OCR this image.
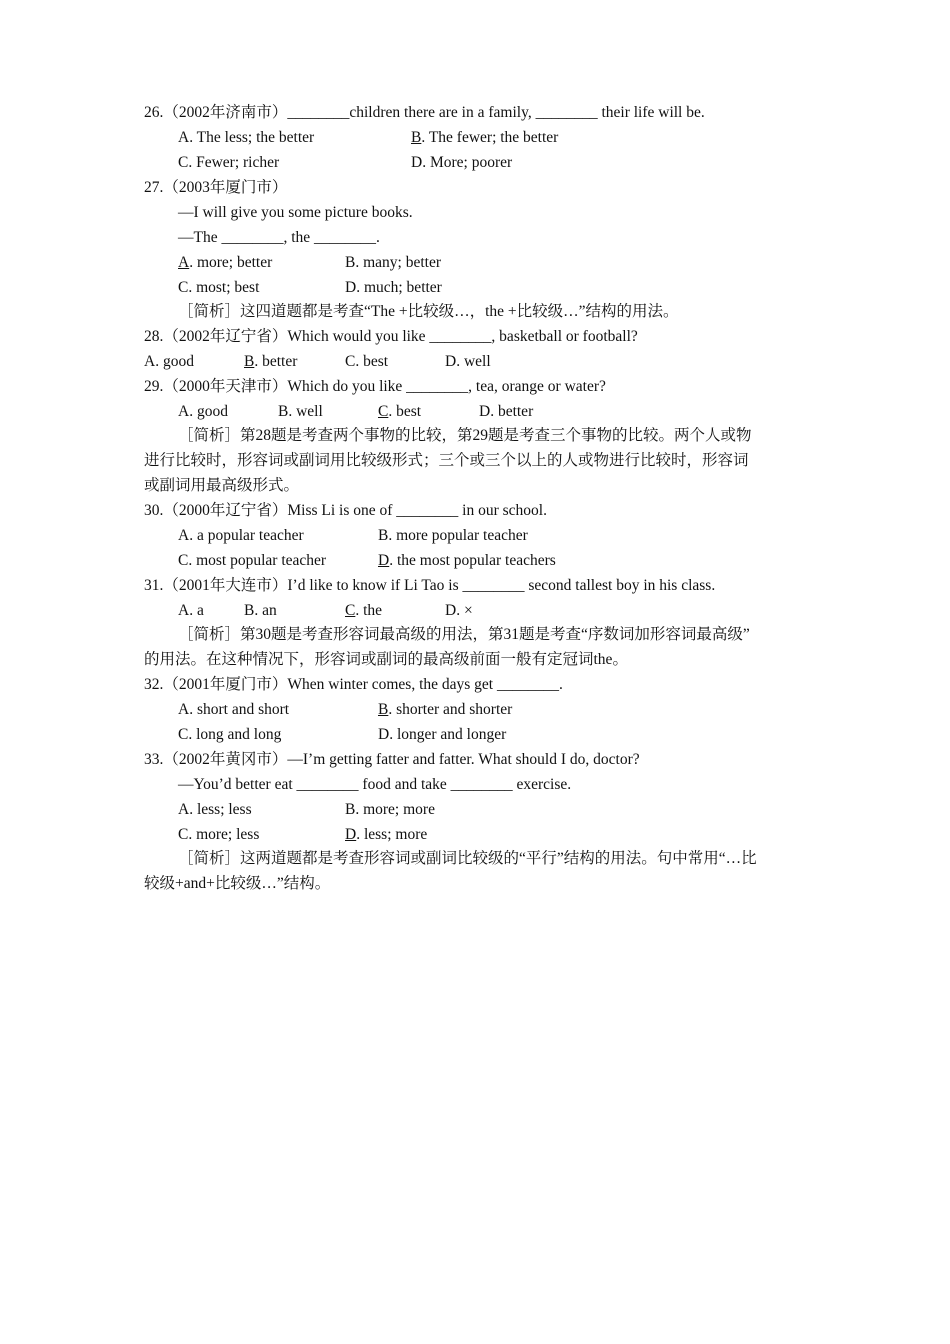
26.（2002年济南市）________children there are in a family, ________ their life will be.
A. The less; the better	B. The fewer; the better
C. Fewer; richer	D. More; poorer
27.（2003年厦门市）
—I will give you some picture books.
—The ________, the ________.
A. more; better	B. many; better
C. most; best	D. much; better
［简析］这四道题都是考查“The +比较级…，the +比较级…”结构的用法。
28.（2002年辽宁省）Which would you like ________, basketball or football?
A. good	B. better	C. best	D. well
29.（2000年天津市）Which do you like ________, tea, orange or water?
A. good	B. well	C. best	D. better
［简析］第28题是考查两个事物的比较，第29题是考查三个事物的比较。两个人或物
进行比较时，形容词或副词用比较级形式；三个或三个以上的人或物进行比较时，形容词
或副词用最高级形式。
30.（2000年辽宁省）Miss Li is one of ________ in our school.
A. a popular teacher	B. more popular teacher
C. most popular teacher	D. the most popular teachers
31.（2001年大连市）I’d like to know if Li Tao is ________ second tallest boy in his class.
A. a	B. an	C. the	D. ×
［简析］第30题是考查形容词最高级的用法，第31题是考查“序数词加形容词最高级”
的用法。在这种情况下，形容词或副词的最高级前面一般有定冠词the。
32.（2001年厦门市）When winter comes, the days get ________.
A. short and short	B. shorter and shorter
C. long and long	D. longer and longer
33.（2002年黄冈市）—I’m getting fatter and fatter. What should I do, doctor?
—You’d better eat ________ food and take ________ exercise.
A. less; less	B. more; more
C. more; less	D. less; more
［简析］这两道题都是考查形容词或副词比较级的“平行”结构的用法。句中常用“…比
较级+and+比较级…”结构。
